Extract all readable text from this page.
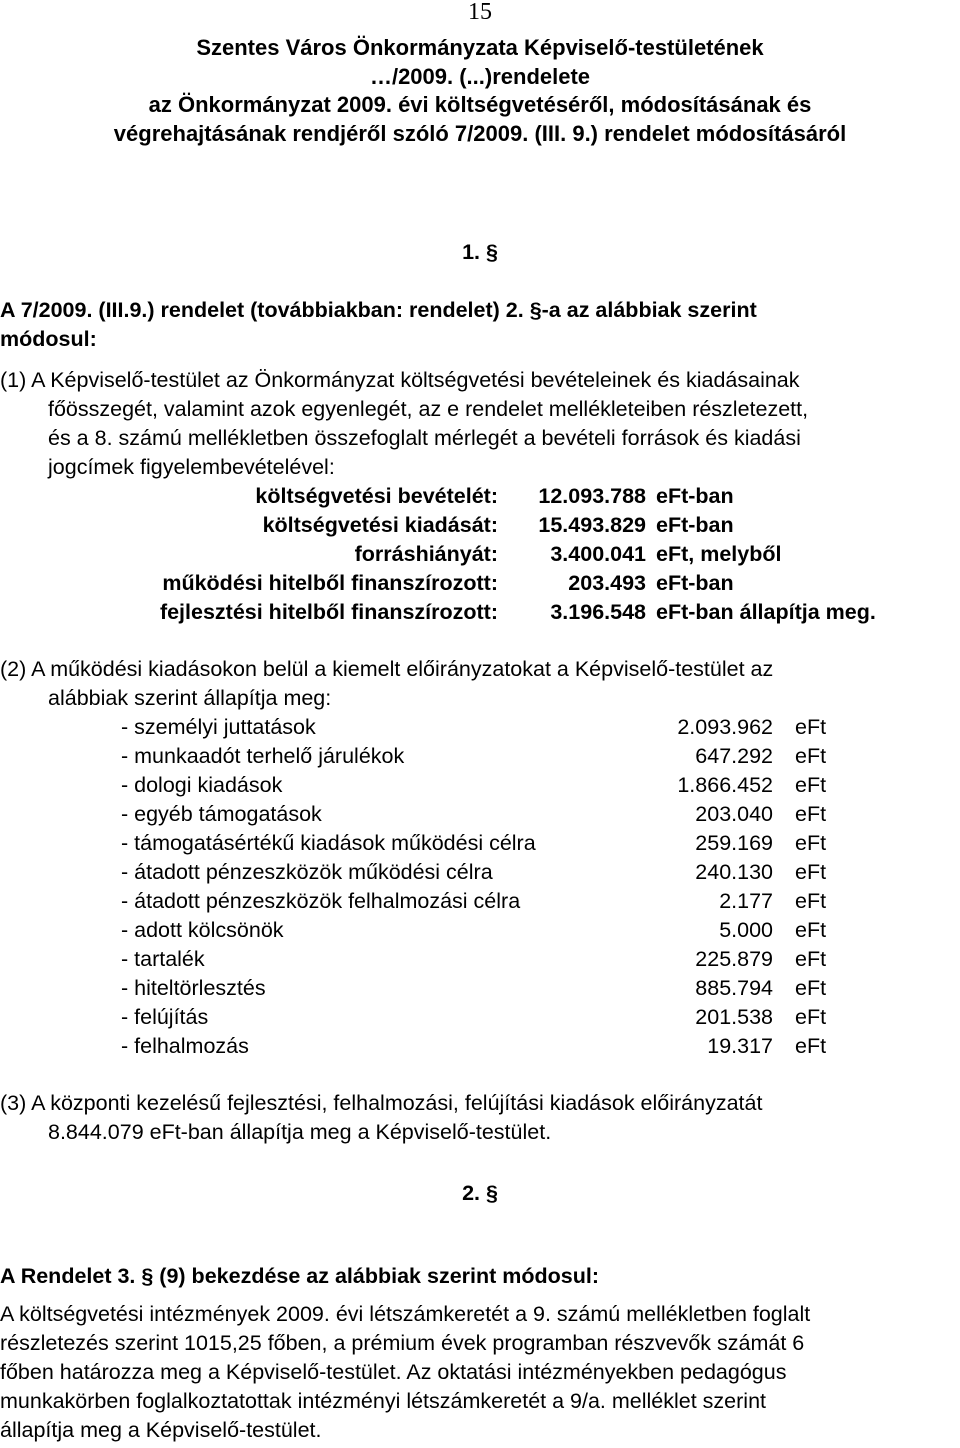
15
Szentes Város Önkormányzata Képviselő-testületének
…/2009. (...)rendelete
az Önkormányzat 2009. évi költségvetéséről, módosításának és
végrehajtásának rendjéről szóló 7/2009. (III. 9.) rendelet módosításáról
1. §
A 7/2009. (III.9.) rendelet (továbbiakban: rendelet) 2. §-a az alábbiak szerint
módosul:
(1) A Képviselő-testület az Önkormányzat költségvetési bevételeinek és kiadásainak
főösszegét, valamint azok egyenlegét, az e rendelet mellékleteiben részletezett,
és a 8. számú mellékletben összefoglalt mérlegét a bevételi források és kiadási
jogcímek figyelembevételével:
költségvetési bevételét:	12.093.788 eFt-ban
költségvetési kiadását:	15.493.829 eFt-ban
forráshiányát:	3.400.041 eFt, melyből
működési hitelből finanszírozott:	203.493 eFt-ban
fejlesztési hitelből finanszírozott:	3.196.548 eFt-ban állapítja meg.
(2) A működési kiadásokon belül a kiemelt előirányzatokat a Képviselő-testület az
alábbiak szerint állapítja meg:
- személyi juttatások	2.093.962 eFt
- munkaadót terhelő járulékok	647.292 eFt
- dologi kiadások	1.866.452 eFt
- egyéb támogatások	203.040 eFt
- támogatásértékű kiadások működési célra	259.169 eFt
- átadott pénzeszközök működési célra	240.130 eFt
- átadott pénzeszközök felhalmozási célra	2.177 eFt
- adott kölcsönök	5.000 eFt
- tartalék	225.879 eFt
- hiteltörlesztés	885.794 eFt
- felújítás	201.538 eFt
- felhalmozás	19.317 eFt
(3) A központi kezelésű fejlesztési, felhalmozási, felújítási kiadások előirányzatát
8.844.079 eFt-ban állapítja meg a Képviselő-testület.
2. §
A Rendelet 3. § (9) bekezdése az alábbiak szerint módosul:
A költségvetési intézmények 2009. évi létszámkeretét a 9. számú mellékletben foglalt
részletezés szerint 1015,25 főben, a prémium évek programban részvevők számát 6
főben határozza meg a Képviselő-testület. Az oktatási intézményekben pedagógus
munkakörben foglalkoztatottak intézményi létszámkeretét a 9/a. melléklet szerint
állapítja meg a Képviselő-testület.
